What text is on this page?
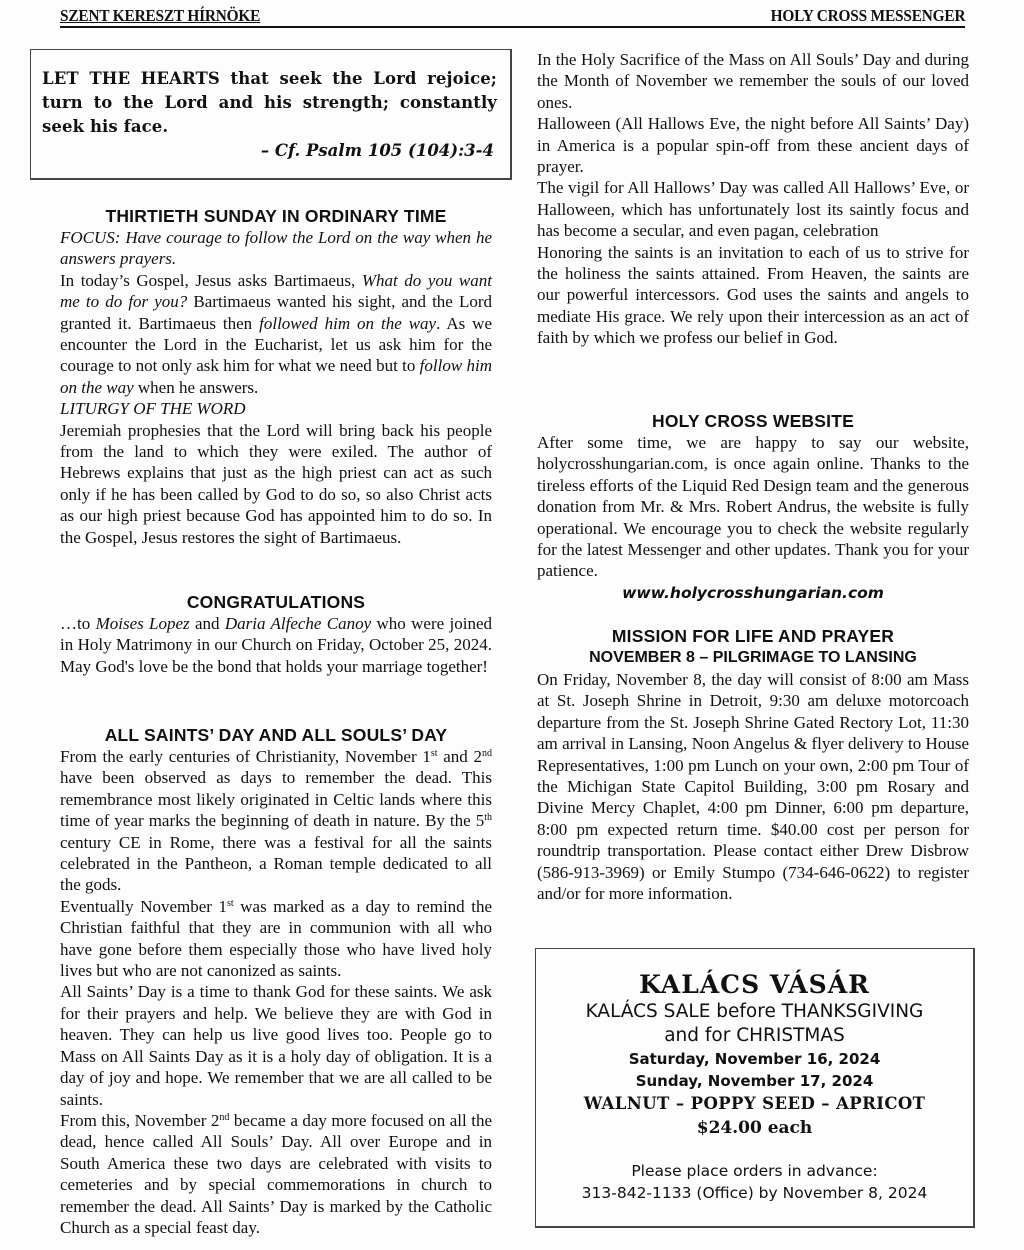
SZENT KERESZT HÍRNÖKE	HOLY CROSS MESSENGER
LET THE HEARTS that seek the Lord rejoice; turn to the Lord and his strength; constantly seek his face.
– Cf. Psalm 105 (104):3-4
THIRTIETH SUNDAY IN ORDINARY TIME

FOCUS: Have courage to follow the Lord on the way when he answers prayers.

In today’s Gospel, Jesus asks Bartimaeus, What do you want me to do for you? Bartimaeus wanted his sight, and the Lord granted it. Bartimaeus then followed him on the way. As we encounter the Lord in the Eucharist, let us ask him for the courage to not only ask him for what we need but to follow him on the way when he answers.

LITURGY OF THE WORD

Jeremiah prophesies that the Lord will bring back his people from the land to which they were exiled. The author of Hebrews explains that just as the high priest can act as such only if he has been called by God to do so, so also Christ acts as our high priest because God has appointed him to do so. In the Gospel, Jesus restores the sight of Bartimaeus.

CONGRATULATIONS

…to Moises Lopez and Daria Alfeche Canoy who were joined in Holy Matrimony in our Church on Friday, October 25, 2024. May God's love be the bond that holds your marriage together!

ALL SAINTS’ DAY AND ALL SOULS’ DAY

From the early centuries of Christianity, November 1st and 2nd have been observed as days to remember the dead. This remembrance most likely originated in Celtic lands where this time of year marks the beginning of death in nature. By the 5th century CE in Rome, there was a festival for all the saints celebrated in the Pantheon, a Roman temple dedicated to all the gods.

Eventually November 1st was marked as a day to remind the Christian faithful that they are in communion with all who have gone before them especially those who have lived holy lives but who are not canonized as saints.

All Saints’ Day is a time to thank God for these saints. We ask for their prayers and help. We believe they are with God in heaven. They can help us live good lives too. People go to Mass on All Saints Day as it is a holy day of obligation. It is a day of joy and hope. We remember that we are all called to be saints.

From this, November 2nd became a day more focused on all the dead, hence called All Souls’ Day. All over Europe and in South America these two days are celebrated with visits to cemeteries and by special commemorations in church to remember the dead. All Saints’ Day is marked by the Catholic Church as a special feast day.

In the Holy Sacrifice of the Mass on All Souls’ Day and during the Month of November we remember the souls of our loved ones.

Halloween (All Hallows Eve, the night before All Saints’ Day) in America is a popular spin-off from these ancient days of prayer.

The vigil for All Hallows’ Day was called All Hallows’ Eve, or Halloween, which has unfortunately lost its saintly focus and has become a secular, and even pagan, celebration

Honoring the saints is an invitation to each of us to strive for the holiness the saints attained. From Heaven, the saints are our powerful intercessors. God uses the saints and angels to mediate His grace. We rely upon their intercession as an act of faith by which we profess our belief in God.

HOLY CROSS WEBSITE

After some time, we are happy to say our website, holycrosshungarian.com, is once again online. Thanks to the tireless efforts of the Liquid Red Design team and the generous donation from Mr. & Mrs. Robert Andrus, the website is fully operational. We encourage you to check the website regularly for the latest Messenger and other updates. Thank you for your patience.

www.holycrosshungarian.com
MISSION FOR LIFE AND PRAYER
NOVEMBER 8 – PILGRIMAGE TO LANSING

On Friday, November 8, the day will consist of 8:00 am Mass at St. Joseph Shrine in Detroit, 9:30 am deluxe motorcoach departure from the St. Joseph Shrine Gated Rectory Lot, 11:30 am arrival in Lansing, Noon Angelus & flyer delivery to House Representatives, 1:00 pm Lunch on your own, 2:00 pm Tour of the Michigan State Capitol Building, 3:00 pm Rosary and Divine Mercy Chaplet, 4:00 pm Dinner, 6:00 pm departure, 8:00 pm expected return time. $40.00 cost per person for roundtrip transportation. Please contact either Drew Disbrow (586-913-3969) or Emily Stumpo (734-646-0622) to register and/or for more information.

KALÁCS VÁSÁR
KALÁCS SALE before THANKSGIVING
and for CHRISTMAS
Saturday, November 16, 2024
Sunday, November 17, 2024
WALNUT – POPPY SEED – APRICOT
$24.00 each
Please place orders in advance:
313-842-1133 (Office) by November 8, 2024
